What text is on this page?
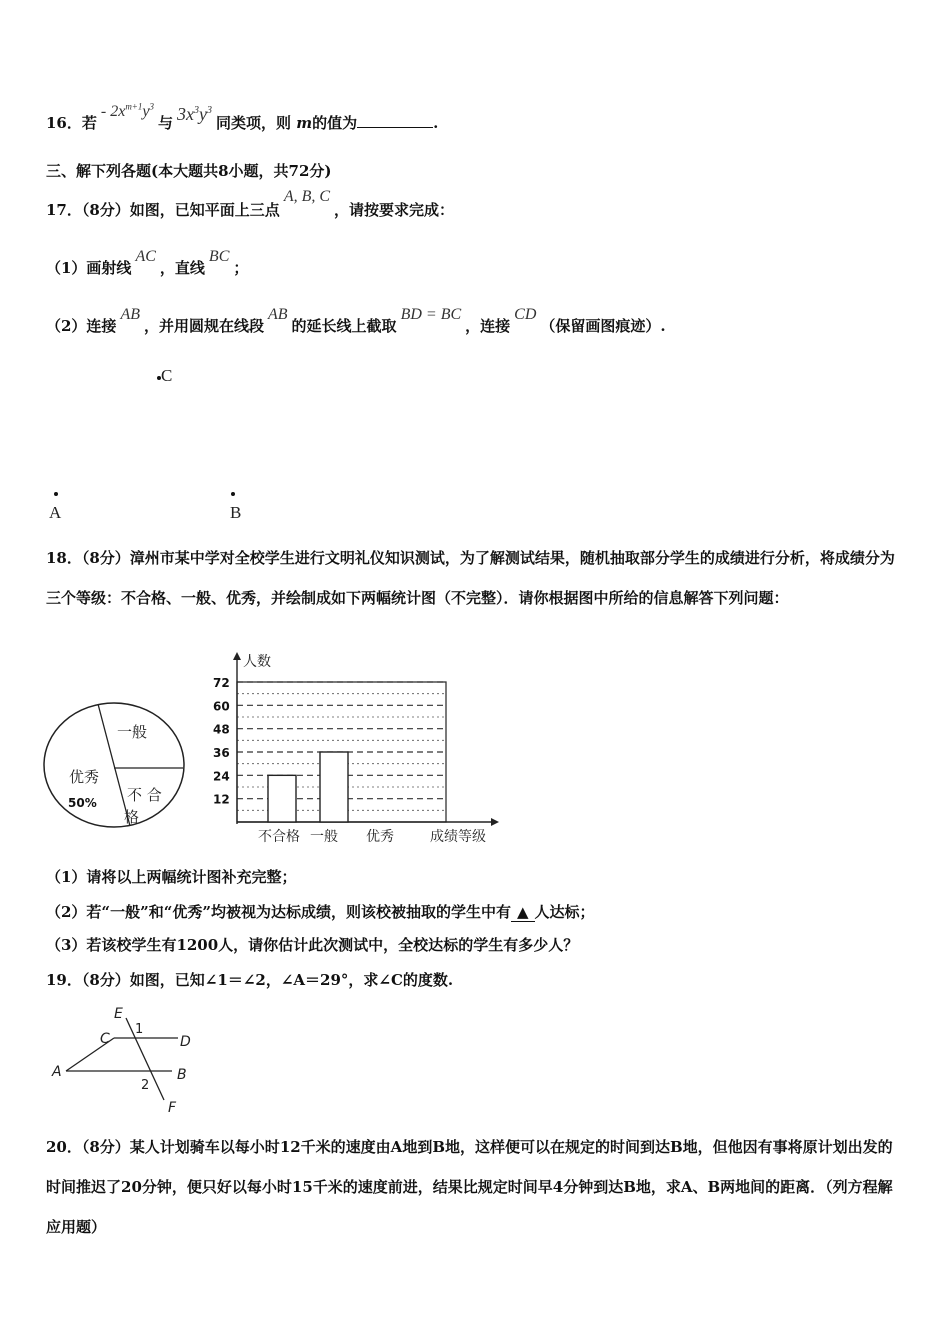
16．若- $2x^{m+1}y^3$与 $3x^3y^3$同类项，则 m的值为	.
三、解下列各题(本大题共8小题，共72分)
17．（8分）如图，已知平面上三点A, B, C，请按要求完成：
（1）画射线AC，直线BC；
（2）连接AB，并用圆规在线段AB的延长线上截取BD = BC，连接CD（保留画图痕迹）.
C
A	B
18．（8分）漳州市某中学对全校学生进行文明礼仪知识测试，为了解测试结果，随机抽取部分学生的成绩进行分析，将成绩分为三个等级：不合格、一般、优秀，并绘制成如下两幅统计图（不完整）．请你根据图中所给的信息解答下列问题：
一般
优秀
50% 不 合
格
12
24
36
48
60
72
人数
成绩等级
不合格 一般 优秀
（1）请将以上两幅统计图补充完整；
（2）若“一般”和“优秀”均被视为达标成绩，则该校被抽取的学生中有 ▲ 人达标；
（3）若该校学生有1200人，请你估计此次测试中，全校达标的学生有多少人？
19．（8分）如图，已知∠1＝∠2，∠A＝29°，求∠C的度数.
E
C
1
D
A
2
B
F
20．（8分）某人计划骑车以每小时12千米的速度由A地到B地，这样便可以在规定的时间到达B地，但他因有事将原计划出发的时间推迟了20分钟，便只好以每小时15千米的速度前进，结果比规定时间早4分钟到达B地，求A、B两地间的距离．（列方程解应用题）
